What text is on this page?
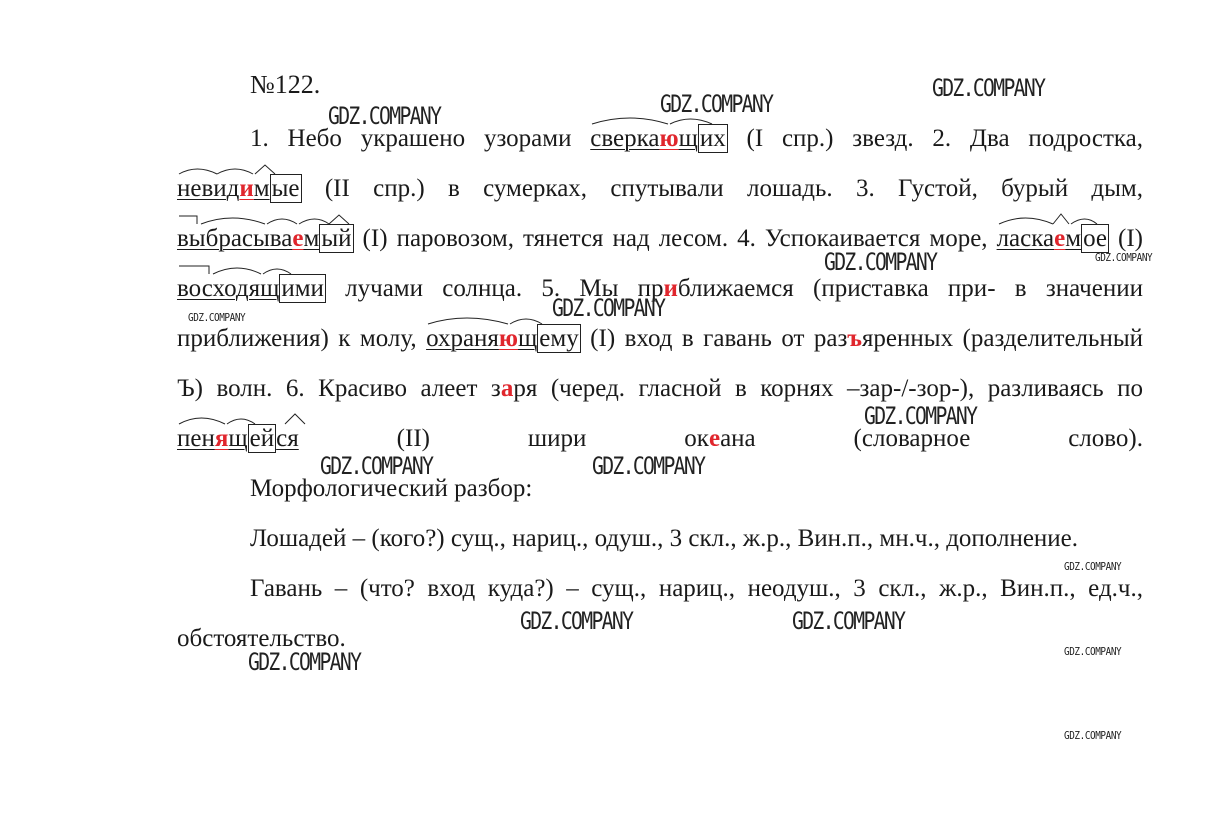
№122.

1. Небо украшено узорами
сверкающих (I спр.) звезд. 2. Два подростка,
невидимые (II спр.) в сумерках, спутывали лошадь. 3. Густой, бурый дым,
выбрасываемый (I) паровозом, тянется над лесом. 4. Успокаивается море,
ласкаемое (I)
восходящими лучами солнца. 5. Мы приближаемся (приставка при- в значении приближения) к молу,
охраняющему (I) вход в гавань от разъяренных (разделительный Ъ) волн. 6. Красиво алеет заря (черед. гласной в корнях –зар-/-зор-), разливаясь по
пенящейся (II) шири океана (словарное слово).

Морфологический разбор:

Лошадей – (кого?) сущ., нариц., одуш., 3 скл., ж.р., Вин.п., мн.ч., дополнение.

Гавань – (что? вход куда?) – сущ., нариц., неодуш., 3 скл., ж.р., Вин.п., ед.ч., обстоятельство.

GDZ.COMPANY
GDZ.COMPANY	GDZ.COMPANY
GDZ.COMPANY	GDZ.COMPANY
GDZ.COMPANY	GDZ.COMPANY
GDZ.COMPANY
GDZ.COMPANY	GDZ.COMPANY
GDZ.COMPANY
GDZ.COMPANY	GDZ.COMPANY
GDZ.COMPANY	GDZ.COMPANY
GDZ.COMPANY
